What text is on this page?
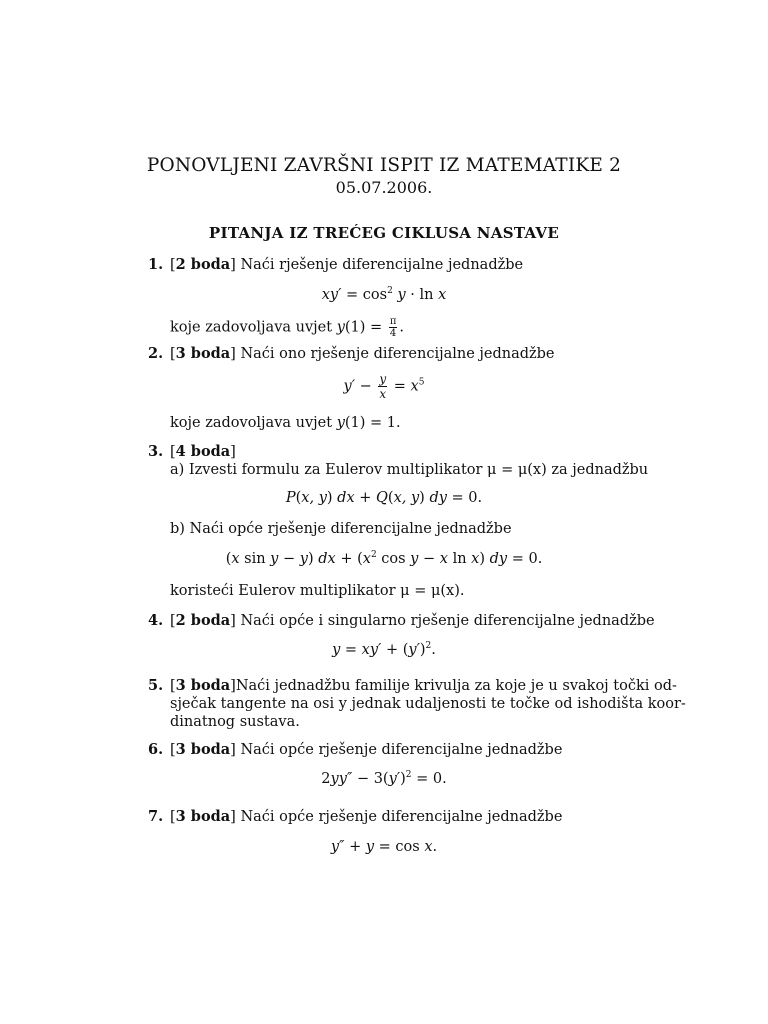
PONOVLJENI ZAVRŠNI ISPIT IZ MATEMATIKE 2
05.07.2006.
PITANJA IZ TREĆEG CIKLUSA NASTAVE
1. [2 boda] Naći rješenje diferencijalne jednadžbe
$xy' = \cos^2 y \cdot \ln x$
koje zadovoljava uvjet $y(1) = \frac{\pi}{4}$ .
2. [3 boda] Naći ono rješenje diferencijalne jednadžbe
$y' - \frac{y}{x} = x^5$
koje zadovoljava uvjet y(1) = 1.
3. [4 boda]
a) Izvesti formulu za Eulerov multiplikator μ = μ(x) za jednadžbu
P(x, y) dx + Q(x, y) dy = 0.
b) Naći opće rješenje diferencijalne jednadžbe
(x sin y − y) dx + ($x^2$ cos y − x ln x) dy = 0.
koristeći Eulerov multiplikator μ = μ(x).
4. [2 boda] Naći opće i singularno rješenje diferencijalne jednadžbe
$y = xy' + (y')^2$.
5. [3 boda]Naći jednadžbu familije krivulja za koje je u svakoj točki od-
sječak tangente na osi y jednak udaljenosti te točke od ishodišta koor-
dinatnog sustava.
6. [3 boda] Naći opće rješenje diferencijalne jednadžbe
$2yy'' - 3(y')^2 = 0$.
7. [3 boda] Naći opće rješenje diferencijalne jednadžbe
y″ + y = cos x.
